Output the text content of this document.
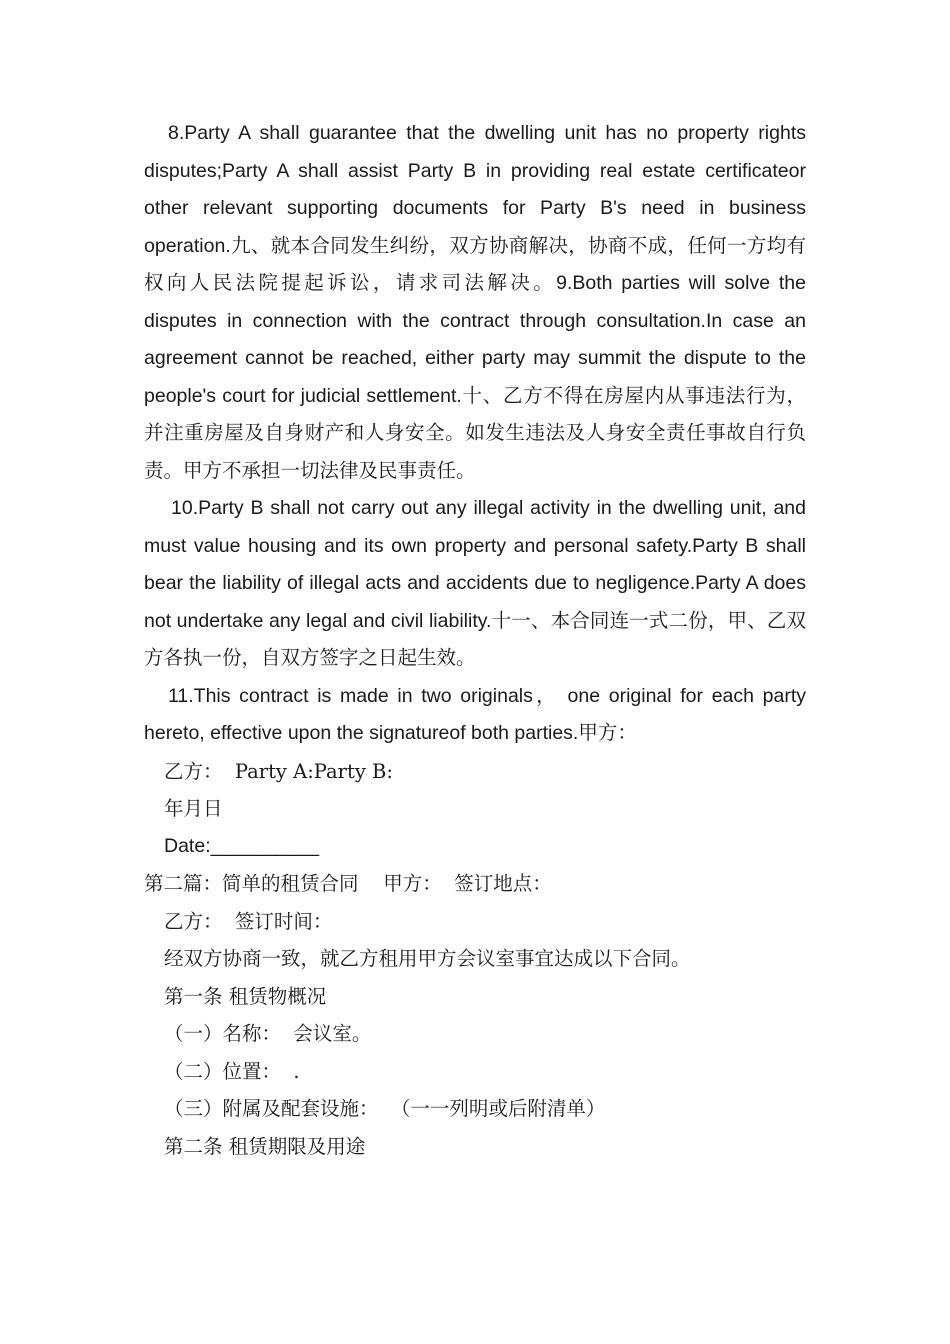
8.Party A shall guarantee that the dwelling unit has no property rights disputes;Party A shall assist Party B in providing real estate certificateor other relevant supporting documents for Party B's need in business operation.九、就本合同发生纠纷，双方协商解决，协商不成，任何一方均有权向人民法院提起诉讼，请求司法解决。9.Both parties will solve the disputes in connection with the contract through consultation.In case an agreement cannot be reached, either party may summit the dispute to the people's court for judicial settlement.十、乙方不得在房屋内从事违法行为，并注重房屋及自身财产和人身安全。如发生违法及人身安全责任事故自行负责。甲方不承担一切法律及民事责任。

10.Party B shall not carry out any illegal activity in the dwelling unit, and must value housing and its own property and personal safety.Party B shall bear the liability of illegal acts and accidents due to negligence.Party A does not undertake any legal and civil liability.十一、本合同连一式二份，甲、乙双方各执一份，自双方签字之日起生效。

11.This contract is made in two originals， one original for each party hereto, effective upon the signatureof both parties.甲方：

乙方：  Party A:Party B:

年月日

Date:__________

第二篇：简单的租赁合同    甲方：  签订地点：

乙方：  签订时间：

经双方协商一致，就乙方租用甲方会议室事宜达成以下合同。

第一条 租赁物概况

（一）名称：  会议室。

（二）位置：  .

（三）附属及配套设施：  （一一列明或后附清单）

第二条 租赁期限及用途
